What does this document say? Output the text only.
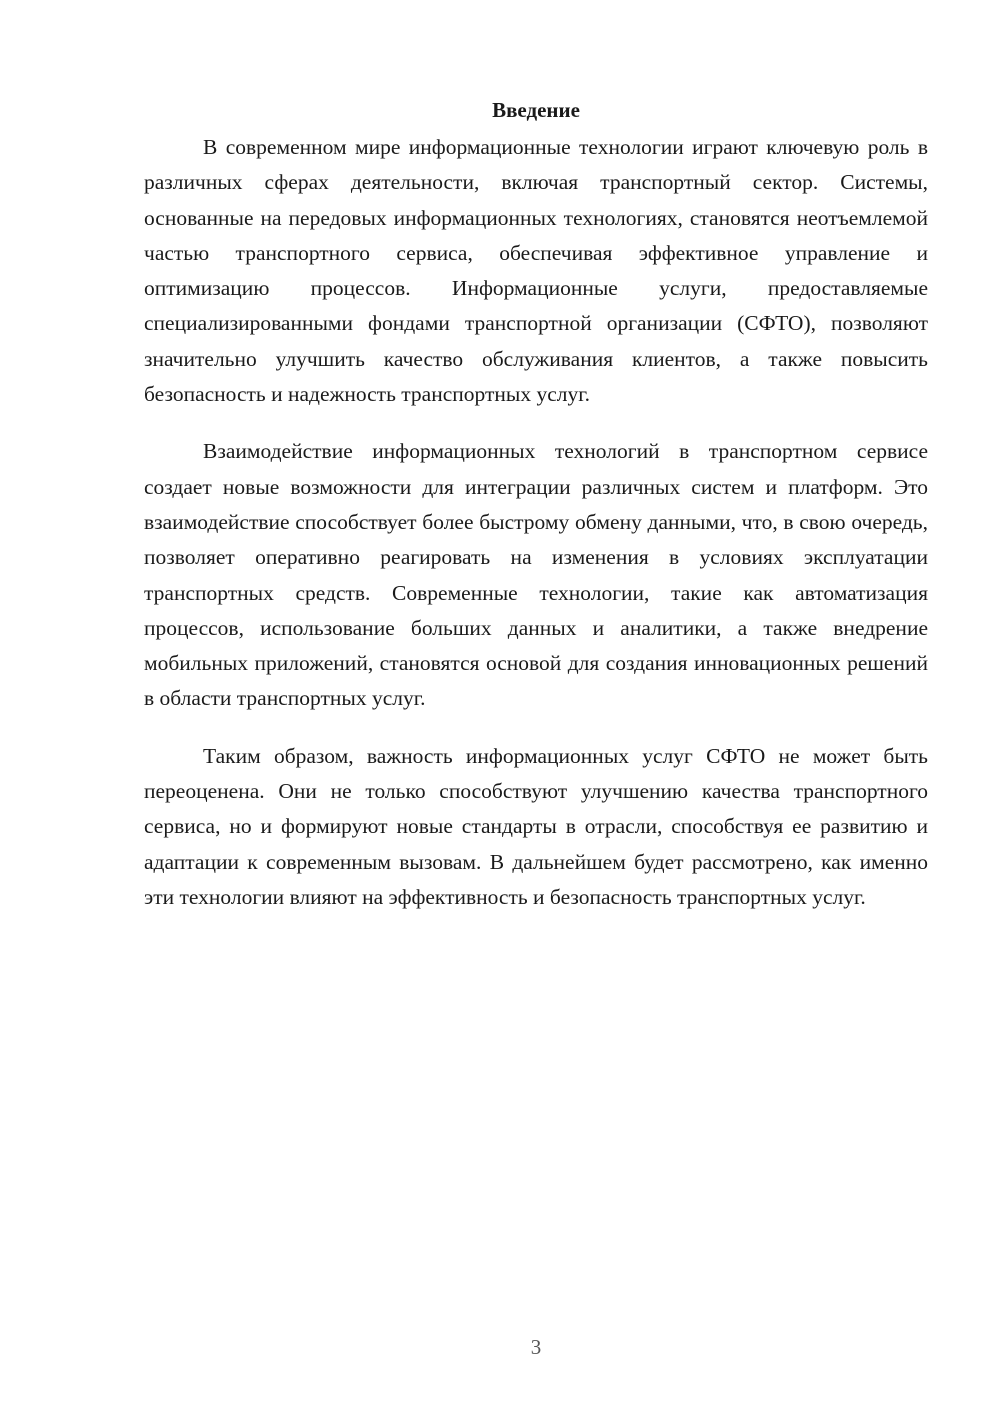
Введение

В современном мире информационные технологии играют ключевую роль в различных сферах деятельности, включая транспортный сектор. Системы, основанные на передовых информационных технологиях, становятся неотъемлемой частью транспортного сервиса, обеспечивая эффективное управление и оптимизацию процессов. Информационные услуги, предоставляемые специализированными фондами транспортной организации (СФТО), позволяют значительно улучшить качество обслуживания клиентов, а также повысить безопасность и надежность транспортных услуг.

Взаимодействие информационных технологий в транспортном сервисе создает новые возможности для интеграции различных систем и платформ. Это взаимодействие способствует более быстрому обмену данными, что, в свою очередь, позволяет оперативно реагировать на изменения в условиях эксплуатации транспортных средств. Современные технологии, такие как автоматизация процессов, использование больших данных и аналитики, а также внедрение мобильных приложений, становятся основой для создания инновационных решений в области транспортных услуг.

Таким образом, важность информационных услуг СФТО не может быть переоценена. Они не только способствуют улучшению качества транспортного сервиса, но и формируют новые стандарты в отрасли, способствуя ее развитию и адаптации к современным вызовам. В дальнейшем будет рассмотрено, как именно эти технологии влияют на эффективность и безопасность транспортных услуг.

3
